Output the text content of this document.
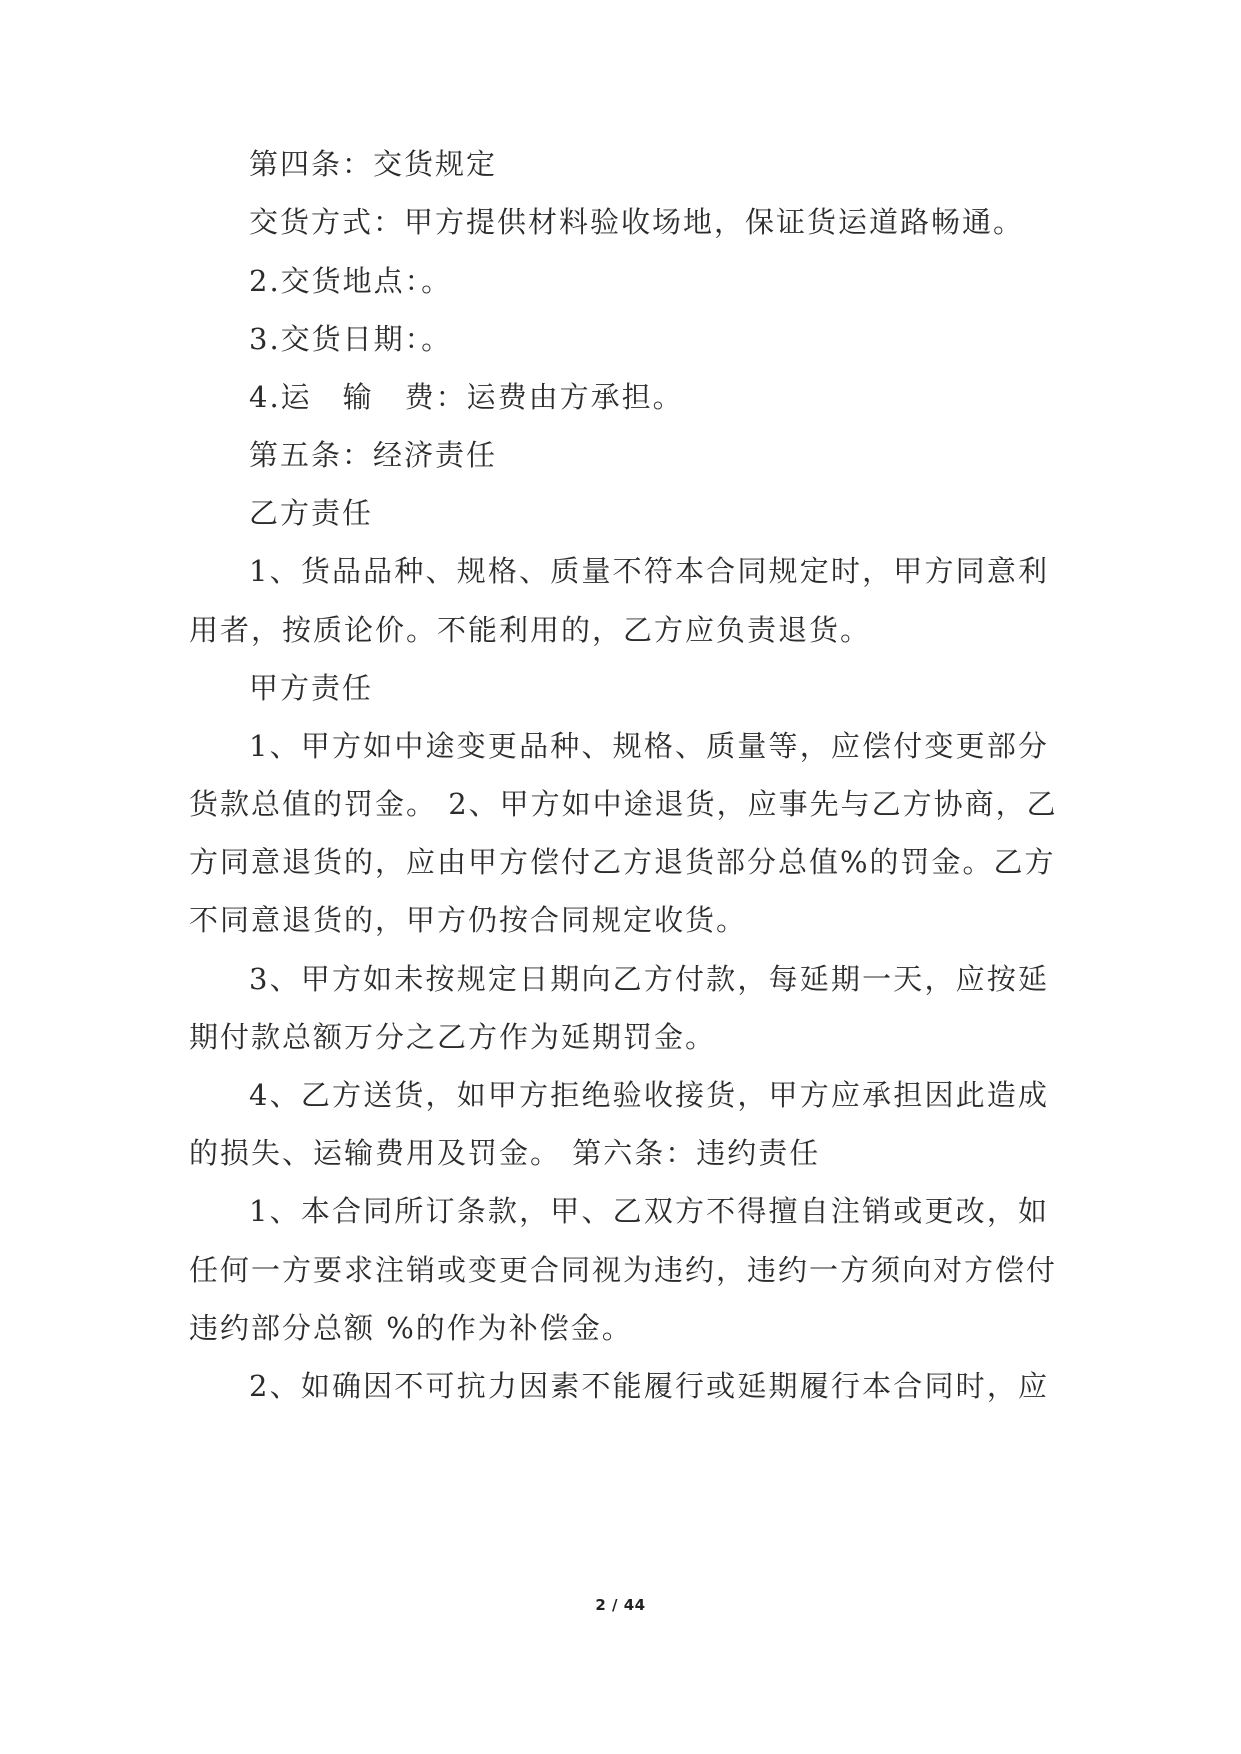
第四条：交货规定
交货方式：甲方提供材料验收场地，保证货运道路畅通。
2.交货地点：。
3.交货日期：。
4.运　输　费：运费由方承担。
第五条：经济责任
乙方责任
1、货品品种、规格、质量不符本合同规定时，甲方同意利
用者，按质论价。不能利用的，乙方应负责退货。
甲方责任
1、甲方如中途变更品种、规格、质量等，应偿付变更部分
货款总值的罚金。 2、甲方如中途退货，应事先与乙方协商，乙
方同意退货的，应由甲方偿付乙方退货部分总值%的罚金。乙方
不同意退货的，甲方仍按合同规定收货。
3、甲方如未按规定日期向乙方付款，每延期一天，应按延
期付款总额万分之乙方作为延期罚金。
4、乙方送货，如甲方拒绝验收接货，甲方应承担因此造成
的损失、运输费用及罚金。 第六条：违约责任
1、本合同所订条款，甲、乙双方不得擅自注销或更改，如
任何一方要求注销或变更合同视为违约，违约一方须向对方偿付
违约部分总额 %的作为补偿金。
2、如确因不可抗力因素不能履行或延期履行本合同时，应
2 / 44
